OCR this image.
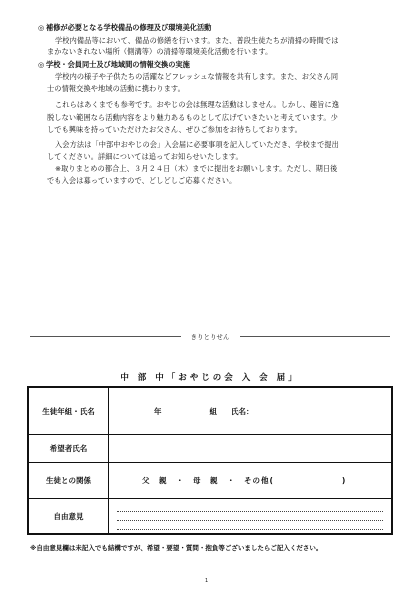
◎ 補修が必要となる学校備品の修理及び環境美化活動
学校内備品等において、備品の修繕を行います。また、普段生徒たちが清掃の時間では
まかないきれない場所（側溝等）の清掃等環境美化活動を行います。
◎ 学校・会員同士及び地域間の情報交換の実施
学校内の様子や子供たちの活躍などフレッシュな情報を共有します。また、お父さん同
士の情報交換や地域の活動に携わります。
これらはあくまでも参考です。おやじの会は無理な活動はしません。しかし、趣旨に逸
脱しない範囲なら活動内容をより魅力あるものとして広げていきたいと考えています。少
しでも興味を持っていただけたお父さん、ぜひご参加をお待ちしております。
入会方法は「中部中おやじの会」入会届に必要事項を記入していただき、学校まで提出
してください。詳細については追ってお知らせいたします。
※取りまとめの都合上、３月２４日（木）までに提出をお願いします。ただし、期日後
でも入会は募っていますので、どしどしご応募ください。
きりとりせん
中 部 中「おやじの会 入 会 届」
生徒年組・氏名	年 組 氏名：
希望者氏名	
生徒との関係	父　親　・　母　親　・　その他(　　　　　　　　)
自由意見	
※自由意見欄は未記入でも結構ですが、希望・要望・質問・抱負等ございましたらご記入ください。
1
